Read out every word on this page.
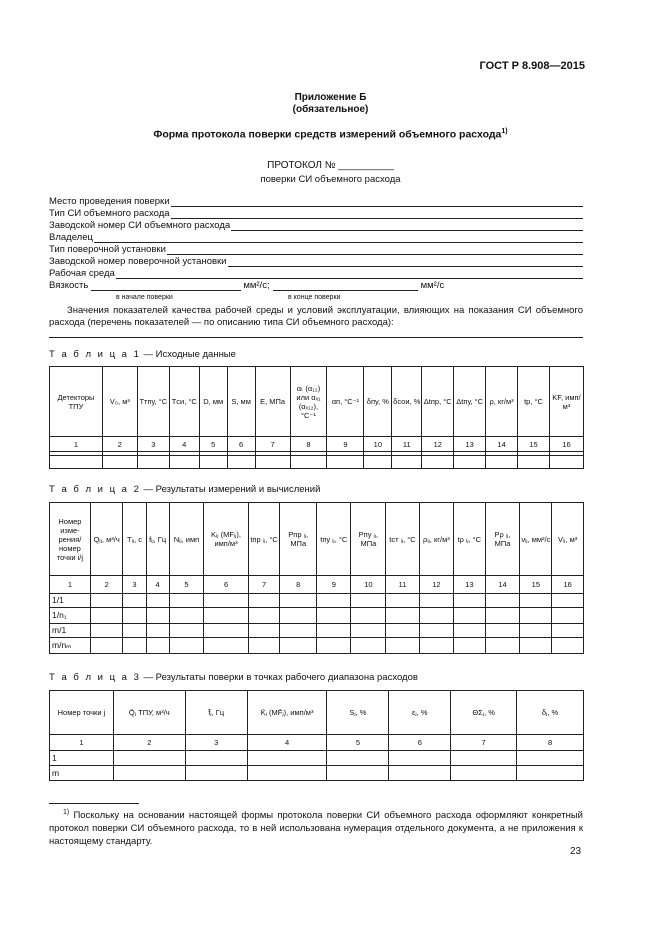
ГОСТ Р 8.908—2015
Приложение Б
(обязательное)
Форма протокола поверки средств измерений объемного расхода$^{1)}$
ПРОТОКОЛ № __________
поверки СИ объемного расхода
Место проведения поверки
Тип СИ объемного расхода
Заводской номер СИ объемного расхода
Владелец
Тип поверочной установки
Заводской номер поверочной установки
Рабочая среда
Вязкость	мм²/с;	мм²/с
в начале поверки	в конце поверки
Значения показателей качества рабочей среды и условий эксплуатации, влияющих на показания СИ объемного расхода (перечень показателей — по описанию типа СИ объемного расхода):
Т а б л и ц а 1 — Исходные данные
Детекторы ТПУ	V₀, м³	Tтпу, °С	Tси, °С	D, мм	S, мм	E, МПа	αₜ (α₁₂) или αₓ₁ (αₓ₁₂), °С⁻¹	αп, °С⁻¹	δпу, %	δсои, %	Δtпр, °С	Δtпу, °С	ρ, кг/м³	tр, °С	KF, имп/м³
1	2	3	4	5	6	7	8	9	10	11	12	13	14	15	16

Т а б л и ц а 2 — Результаты измерений и вычислений
Номер изме-рения/ номер точки i/j	Qᵢⱼ, м³/ч	Tᵢⱼ, с	fᵢⱼ, Гц	Nᵢⱼ, имп	Kᵢⱼ (MFᵢⱼ), имп/м³	tпр ᵢⱼ, °С	Pпр ᵢⱼ, МПа	tпу ᵢⱼ, °С	Pпу ᵢⱼ, МПа	tст ᵢⱼ, °С	ρᵢⱼ, кг/м³	tρ ᵢⱼ, °С	Pρ ᵢⱼ, МПа	νᵢⱼ, мм²/с	Vᵢⱼ, м³
1	2	3	4	5	6	7	8	9	10	11	12	13	14	15	16
1/1															
1/n₁															
m/1															
m/nₘ															
Т а б л и ц а 3 — Результаты поверки в точках рабочего диапазона расходов
Номер точки j	Q̄ⱼ ТПУ, м³/ч	f̄ⱼ, Гц	K̄ⱼ (MF̄ⱼ), имп/м³	Sⱼ, %	εⱼ, %	ΘΣⱼ, %	δⱼ, %
1	2	3	4	5	6	7	8
1							
m							
$^{1)}$ Поскольку на основании настоящей формы протокола поверки СИ объемного расхода оформляют конкретный протокол поверки СИ объемного расхода, то в ней использована нумерация отдельного документа, а не приложения к настоящему стандарту.
23
